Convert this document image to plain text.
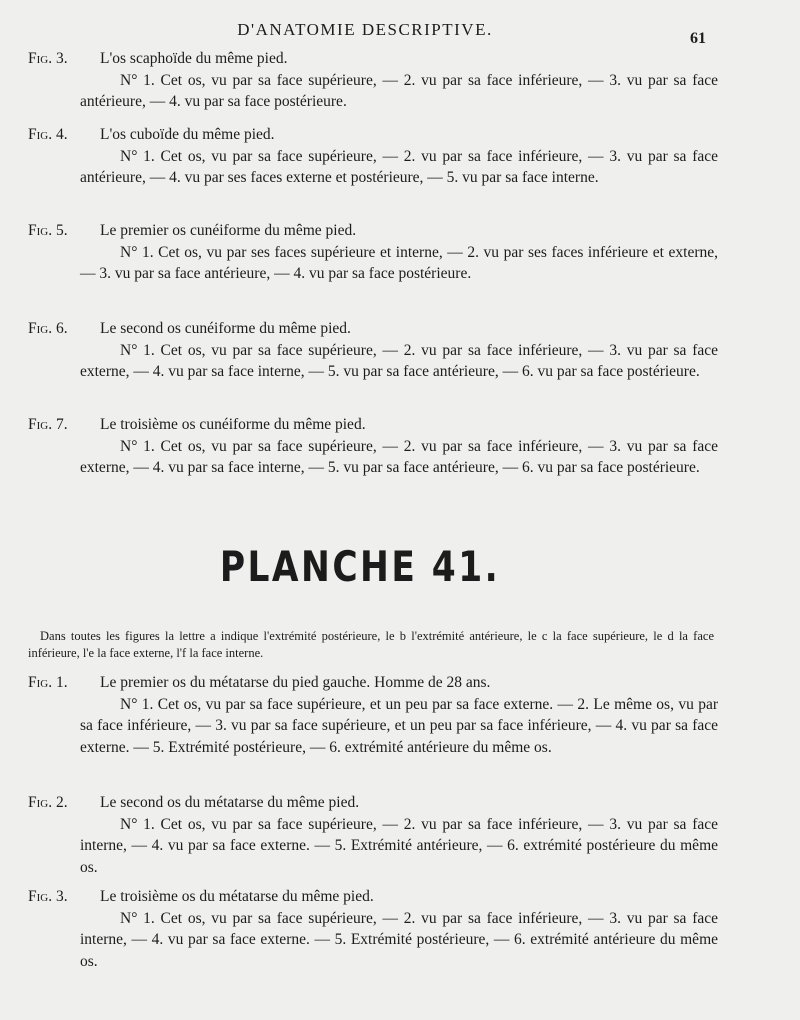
D'ANATOMIE DESCRIPTIVE.	61
Fig. 3. L'os scaphoïde du même pied.
N° 1. Cet os, vu par sa face supérieure, — 2. vu par sa face inférieure, — 3. vu par sa face antérieure, — 4. vu par sa face postérieure.
Fig. 4. L'os cuboïde du même pied.
N° 1. Cet os, vu par sa face supérieure, — 2. vu par sa face inférieure, — 3. vu par sa face antérieure, — 4. vu par ses faces externe et postérieure, — 5. vu par sa face interne.
Fig. 5. Le premier os cunéiforme du même pied.
N° 1. Cet os, vu par ses faces supérieure et interne, — 2. vu par ses faces inférieure et externe, — 3. vu par sa face antérieure, — 4. vu par sa face postérieure.
Fig. 6. Le second os cunéiforme du même pied.
N° 1. Cet os, vu par sa face supérieure, — 2. vu par sa face inférieure, — 3. vu par sa face externe, — 4. vu par sa face interne, — 5. vu par sa face antérieure, — 6. vu par sa face postérieure.
Fig. 7. Le troisième os cunéiforme du même pied.
N° 1. Cet os, vu par sa face supérieure, — 2. vu par sa face inférieure, — 3. vu par sa face externe, — 4. vu par sa face interne, — 5. vu par sa face antérieure, — 6. vu par sa face postérieure.
PLANCHE 41.
Dans toutes les figures la lettre a indique l'extrémité postérieure, le b l'extrémité antérieure, le c la face supérieure, le d la face inférieure, l'e la face externe, l'f la face interne.
Fig. 1. Le premier os du métatarse du pied gauche. Homme de 28 ans.
N° 1. Cet os, vu par sa face supérieure, et un peu par sa face externe. — 2. Le même os, vu par sa face inférieure, — 3. vu par sa face supérieure, et un peu par sa face inférieure, — 4. vu par sa face externe. — 5. Extrémité postérieure, — 6. extrémité antérieure du même os.
Fig. 2. Le second os du métatarse du même pied.
N° 1. Cet os, vu par sa face supérieure, — 2. vu par sa face inférieure, — 3. vu par sa face interne, — 4. vu par sa face externe. — 5. Extrémité antérieure, — 6. extrémité postérieure du même os.
Fig. 3. Le troisième os du métatarse du même pied.
N° 1. Cet os, vu par sa face supérieure, — 2. vu par sa face inférieure, — 3. vu par sa face interne, — 4. vu par sa face externe. — 5. Extrémité postérieure, — 6. extrémité antérieure du même os.
